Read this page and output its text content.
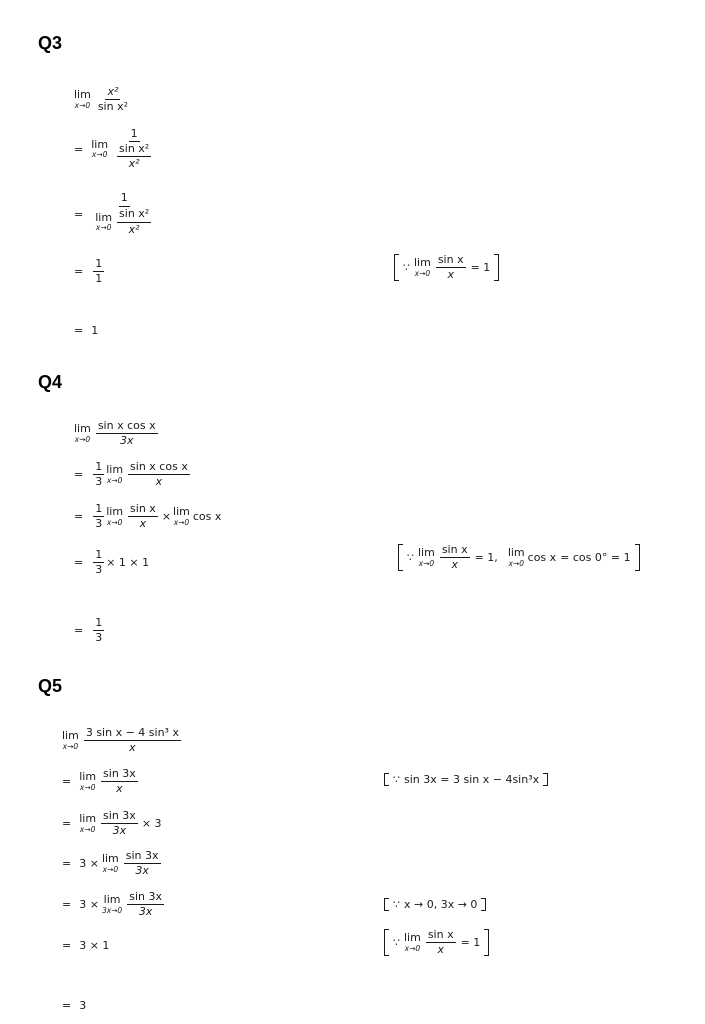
Q3
lim
$x\to 0 \frac{\text{x²}}{\text{sin x²}}$
= lim
$x\to 0 \frac{1}{\frac{\text{sin x²}}{\text{x²}}}$
= 1
lim
$x\to 0 \frac{\text{sin x²}}{\text{x²}}$
= $\frac{1}{1}$	∵ lim
$x\to 0 \frac{\text{sin x}}{x} = 1$
= 1
Q4
lim
$x\to 0 \frac{\text{sin x cos x}}{3x}$
= $\frac{1}{3}$ lim
$x\to 0 \frac{\text{sin x cos x}}{x}$
= $\frac{1}{3}$ lim
$x\to 0 \frac{\text{sin x}}{x} \times \lim$
x→0 cos x
= $\frac{1}{3} \times 1 \times 1$	∵ lim
$x\to 0 \frac{\text{sin x}}{x} = 1$, lim
x→0 cos x = cos 0° = 1
= $\frac{1}{3}$
Q5
lim
$x\to 0 \frac{\text{3 sin x − 4 sin³ x}}{x}$
= lim
$x\to 0 \frac{\sin 3x}{x}$	∵ sin 3x = 3 sin x − 4sin³x
= lim
$x\to 0 \frac{\sin 3x}{3x} \times 3$
= 3 × lim
$x\to 0 \frac{\sin 3x}{3x}$
= 3 × lim
$3x\to 0 \frac{\sin 3x}{3x}$	∵ x → 0, 3x → 0
= 3 × 1	∵ lim
$x\to 0 \frac{\text{sin x}}{x} = 1$
= 3
